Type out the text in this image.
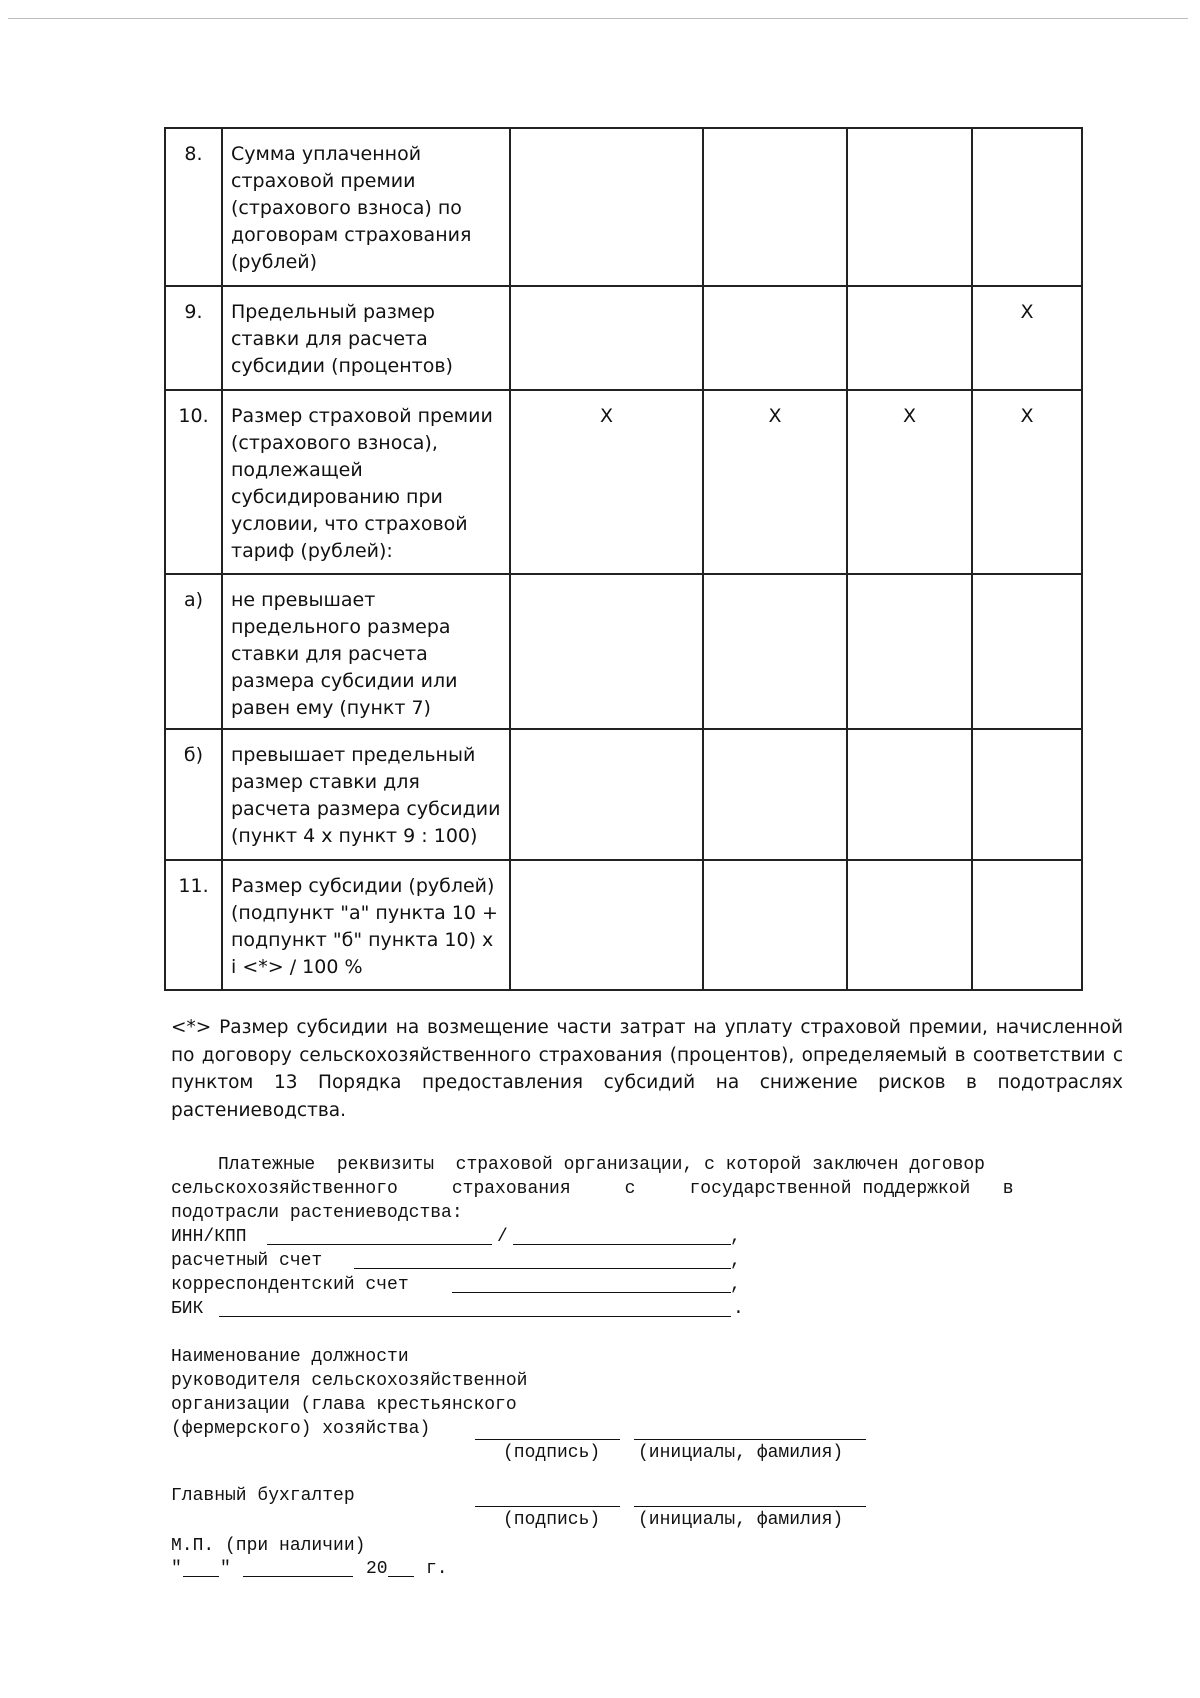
8.	Сумма уплаченной страховой премии (страхового взноса) по договорам страхования (рублей)				
9.	Предельный размер ставки для расчета субсидии (процентов)				X
10.	Размер страховой премии (страхового взноса), подлежащей субсидированию при условии, что страховой тариф (рублей):	X	X	X	X
а)	не превышает предельного размера ставки для расчета размера субсидии или равен ему (пункт 7)				
б)	превышает предельный размер ставки для расчета размера субсидии (пункт 4 х пункт 9 : 100)				
11.	Размер субсидии (рублей) (подпункт "а" пункта 10 + подпункт "б" пункта 10) х i <*> / 100 %				
<*> Размер субсидии на возмещение части затрат на уплату страховой премии, начисленной по договору сельскохозяйственного страхования (процентов), определяемый в соответствии с пунктом 13 Порядка предоставления субсидий на снижение рисков в подотраслях растениеводства.
Платежные  реквизиты  страховой организации, с которой заключен договор
сельскохозяйственного     страхования     с     государственной поддержкой   в
подотрасли растениеводства:
ИНН/КПП	/	,
расчетный счет	,
корреспондентский счет	,
БИК	.
Наименование должности
руководителя сельскохозяйственной
организации (глава крестьянского
(фермерского) хозяйства)
(подпись) (инициалы, фамилия)
Главный бухгалтер
(подпись) (инициалы, фамилия)
М.П. (при наличии)
" "	20 г.
